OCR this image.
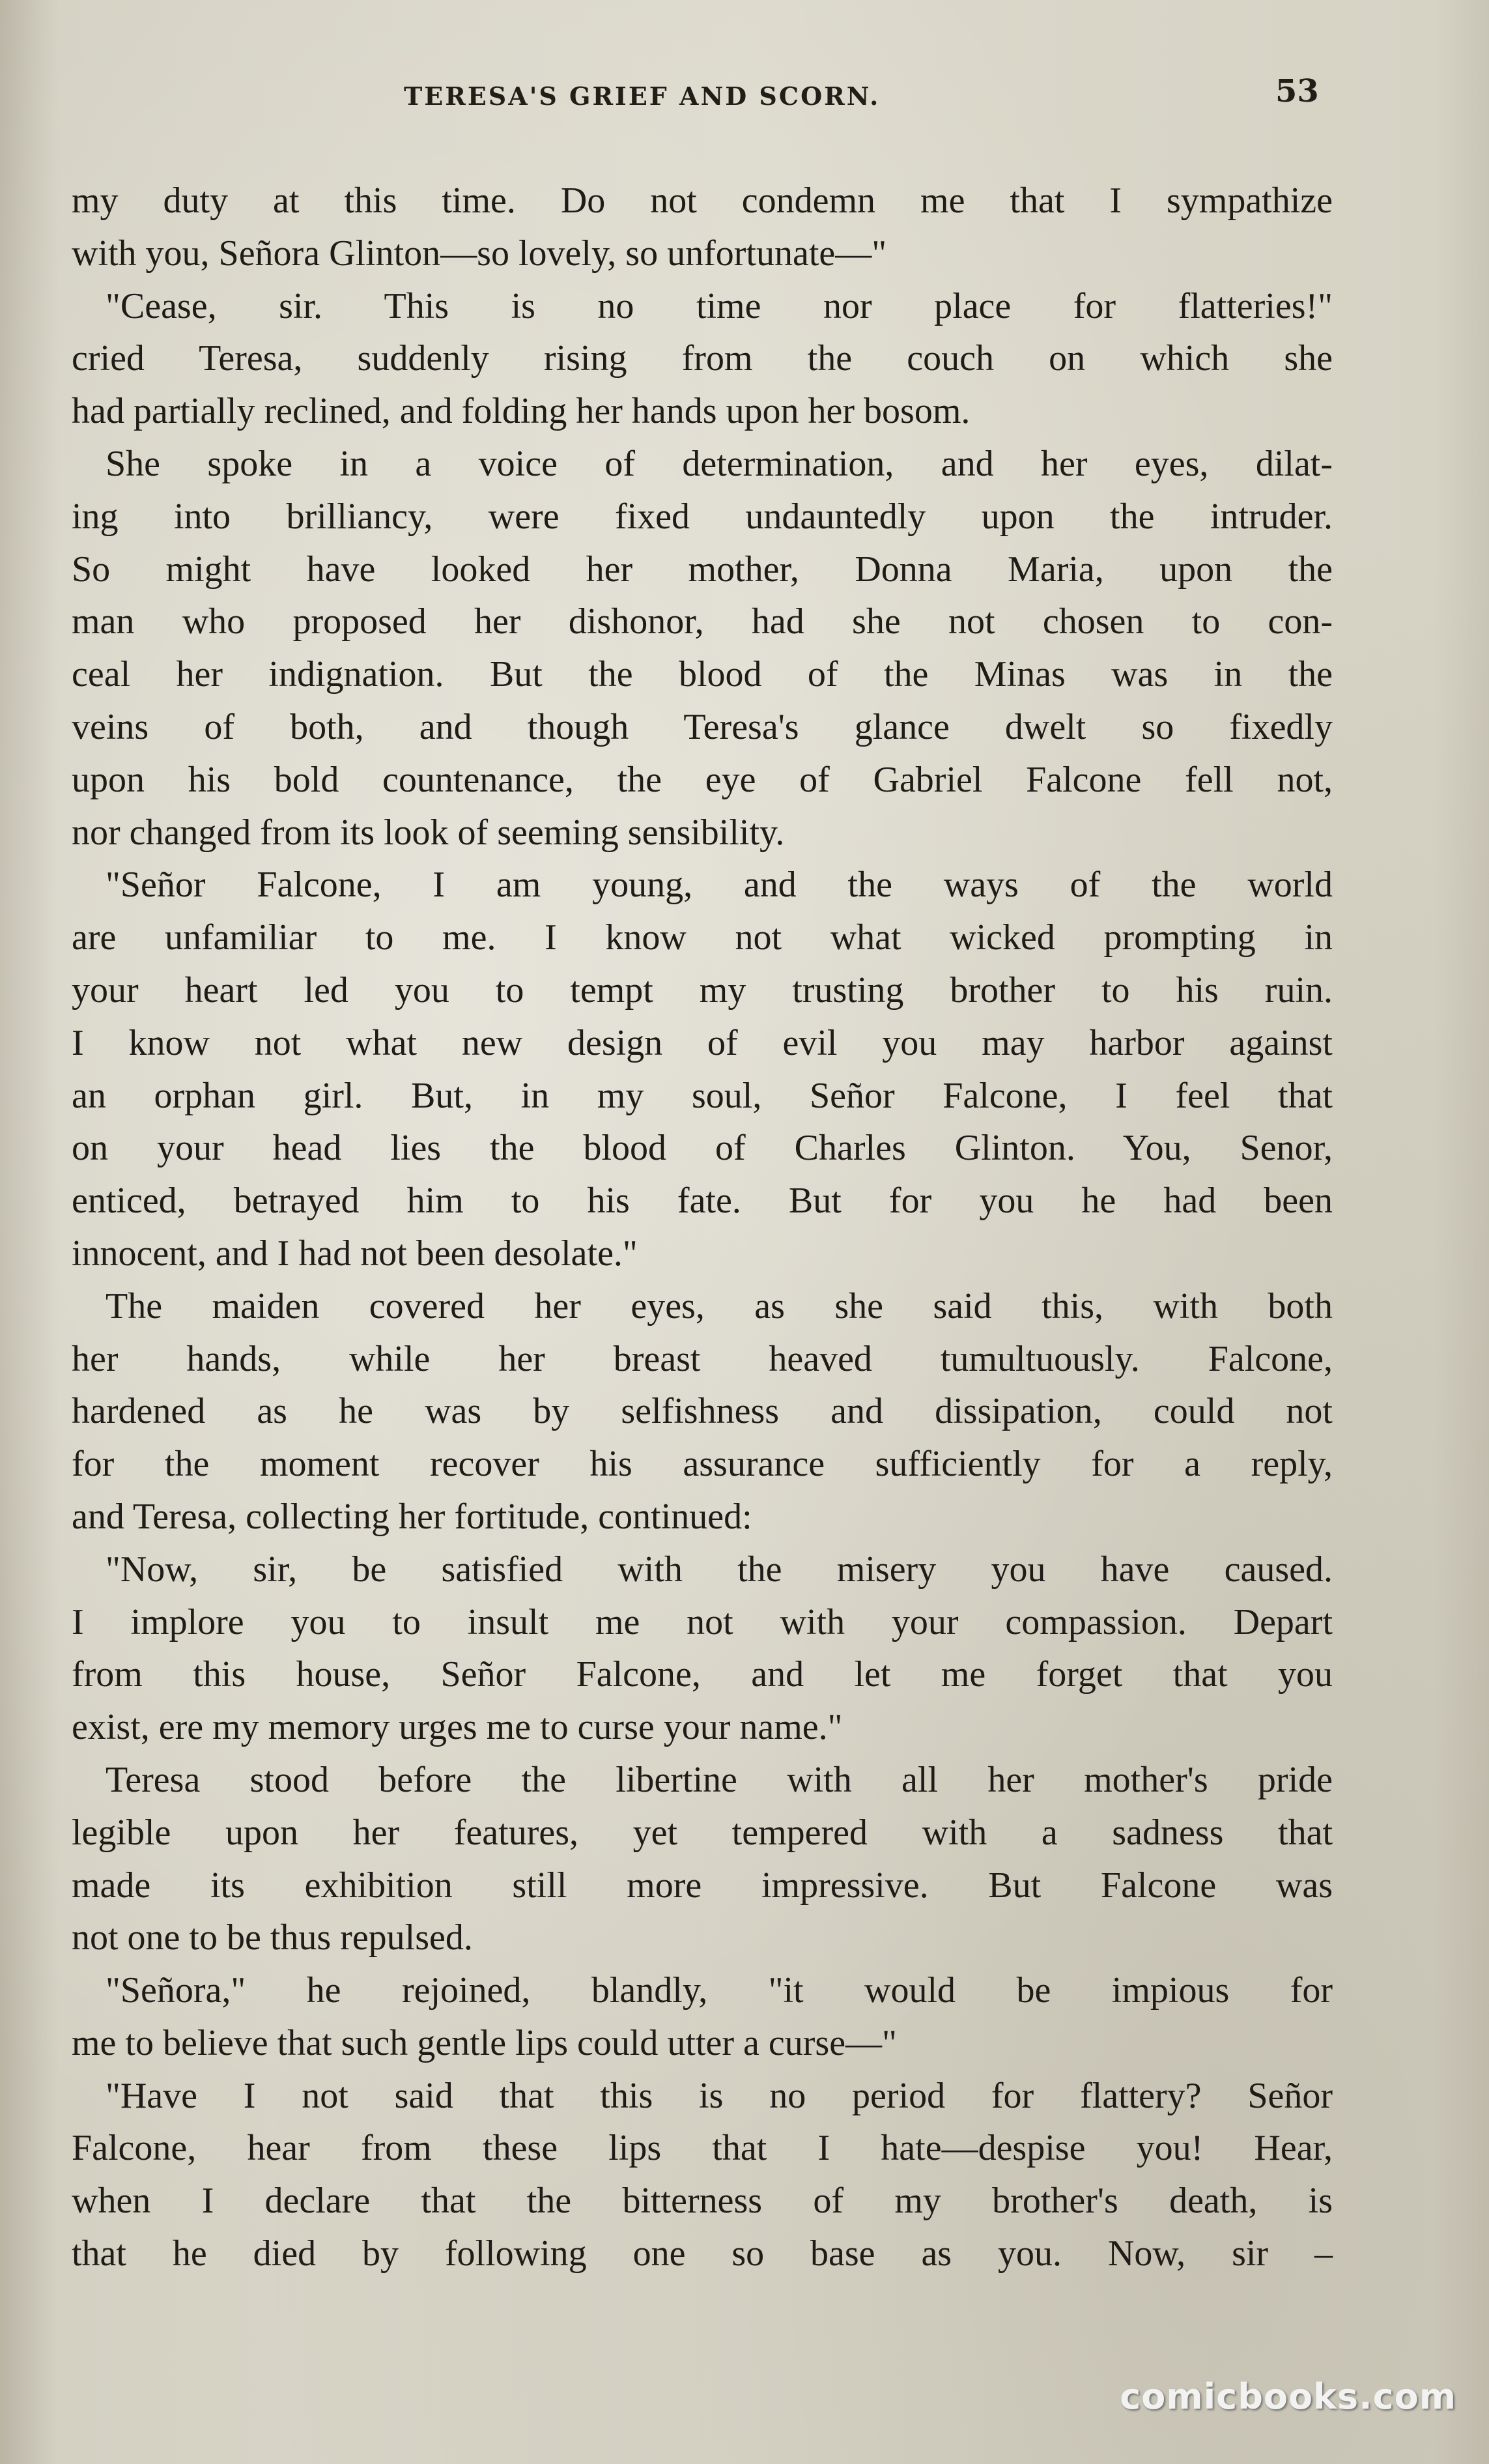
TERESA'S GRIEF AND SCORN.	53
my duty at this time. Do not condemn me that I sympathize
with you, Señora Glinton—so lovely, so unfortunate—"
"Cease, sir. This is no time nor place for flatteries!"
cried Teresa, suddenly rising from the couch on which she
had partially reclined, and folding her hands upon her bosom.
She spoke in a voice of determination, and her eyes, dilat-
ing into brilliancy, were fixed undauntedly upon the intruder.
So might have looked her mother, Donna Maria, upon the
man who proposed her dishonor, had she not chosen to con-
ceal her indignation. But the blood of the Minas was in the
veins of both, and though Teresa's glance dwelt so fixedly
upon his bold countenance, the eye of Gabriel Falcone fell not,
nor changed from its look of seeming sensibility.
"Señor Falcone, I am young, and the ways of the world
are unfamiliar to me. I know not what wicked prompting in
your heart led you to tempt my trusting brother to his ruin.
I know not what new design of evil you may harbor against
an orphan girl. But, in my soul, Señor Falcone, I feel that
on your head lies the blood of Charles Glinton. You, Senor,
enticed, betrayed him to his fate. But for you he had been
innocent, and I had not been desolate."
The maiden covered her eyes, as she said this, with both
her hands, while her breast heaved tumultuously. Falcone,
hardened as he was by selfishness and dissipation, could not
for the moment recover his assurance sufficiently for a reply,
and Teresa, collecting her fortitude, continued:
"Now, sir, be satisfied with the misery you have caused.
I implore you to insult me not with your compassion. Depart
from this house, Señor Falcone, and let me forget that you
exist, ere my memory urges me to curse your name."
Teresa stood before the libertine with all her mother's pride
legible upon her features, yet tempered with a sadness that
made its exhibition still more impressive. But Falcone was
not one to be thus repulsed.
"Señora," he rejoined, blandly, "it would be impious for
me to believe that such gentle lips could utter a curse—"
"Have I not said that this is no period for flattery? Señor
Falcone, hear from these lips that I hate—despise you! Hear,
when I declare that the bitterness of my brother's death, is
that he died by following one so base as you. Now, sir –
comicbooks.com
